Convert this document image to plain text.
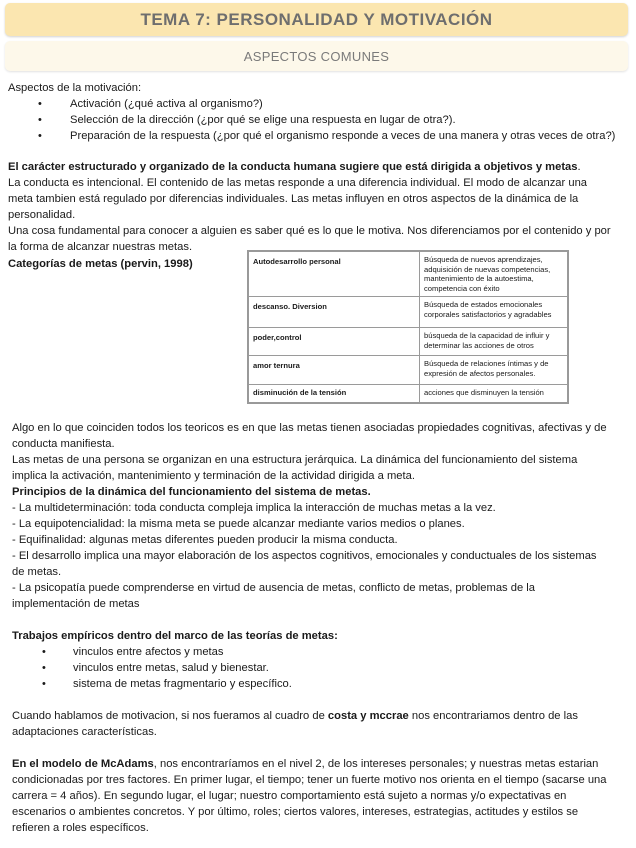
TEMA 7: PERSONALIDAD Y MOTIVACIÓN
ASPECTOS COMUNES
Aspectos de la motivación:
•	Activación (¿qué activa al organismo?)
•	Selección de la dirección (¿por qué se elige una respuesta en lugar de otra?).
•	Preparación de la respuesta (¿por qué el organismo responde a veces de una manera y otras veces de otra?)
El carácter estructurado y organizado de la conducta humana sugiere que está dirigida a objetivos y metas.
La conducta es intencional. El contenido de las metas responde a una diferencia individual. El modo de alcanzar una
meta tambien está regulado por diferencias individuales. Las metas influyen en otros aspectos de la dinámica de la
personalidad.
Una cosa fundamental para conocer a alguien es saber qué es lo que le motiva. Nos diferenciamos por el contenido y por
la forma de alcanzar nuestras metas.
Categorías de metas (pervin, 1998)	Autodesarrollo personal	Búsqueda de nuevos aprendizajes,
adquisición de nuevas competencias,
mantenimiento de la autoestima,
competencia con éxito

descanso. Diversion	Búsqueda de estados emocionales
corporales satisfactorios y agradables

poder,control	búsqueda de la capacidad de influir y
determinar las acciones de otros

amor ternura	Búsqueda de relaciones íntimas y de
expresión de afectos personales.

disminución de la tensión	acciones que disminuyen la tensión
Algo en lo que coinciden todos los teoricos es en que las metas tienen asociadas propiedades cognitivas, afectivas y de
conducta manifiesta.
Las metas de una persona se organizan en una estructura jerárquica. La dinámica del funcionamiento del sistema
implica la activación, mantenimiento y terminación de la actividad dirigida a meta.
Principios de la dinámica del funcionamiento del sistema de metas.
- La multideterminación: toda conducta compleja implica la interacción de muchas metas a la vez.
- La equipotencialidad: la misma meta se puede alcanzar mediante varios medios o planes.
- Equifinalidad: algunas metas diferentes pueden producir la misma conducta.
- El desarrollo implica una mayor elaboración de los aspectos cognitivos, emocionales y conductuales de los sistemas
de metas.
- La psicopatía puede comprenderse en virtud de ausencia de metas, conflicto de metas, problemas de la
implementación de metas
Trabajos empíricos dentro del marco de las teorías de metas:
• vinculos entre afectos y metas
• vinculos entre metas, salud y bienestar.
• sistema de metas fragmentario y específico.
Cuando hablamos de motivacion, si nos fueramos al cuadro de costa y mccrae nos encontrariamos dentro de las
adaptaciones características.
En el modelo de McAdams, nos encontraríamos en el nivel 2, de los intereses personales; y nuestras metas estarian
condicionadas por tres factores. En primer lugar, el tiempo; tener un fuerte motivo nos orienta en el tiempo (sacarse una
carrera = 4 años). En segundo lugar, el lugar; nuestro comportamiento está sujeto a normas y/o expectativas en
escenarios o ambientes concretos. Y por último, roles; ciertos valores, intereses, estrategias, actitudes y estilos se
refieren a roles específicos.
